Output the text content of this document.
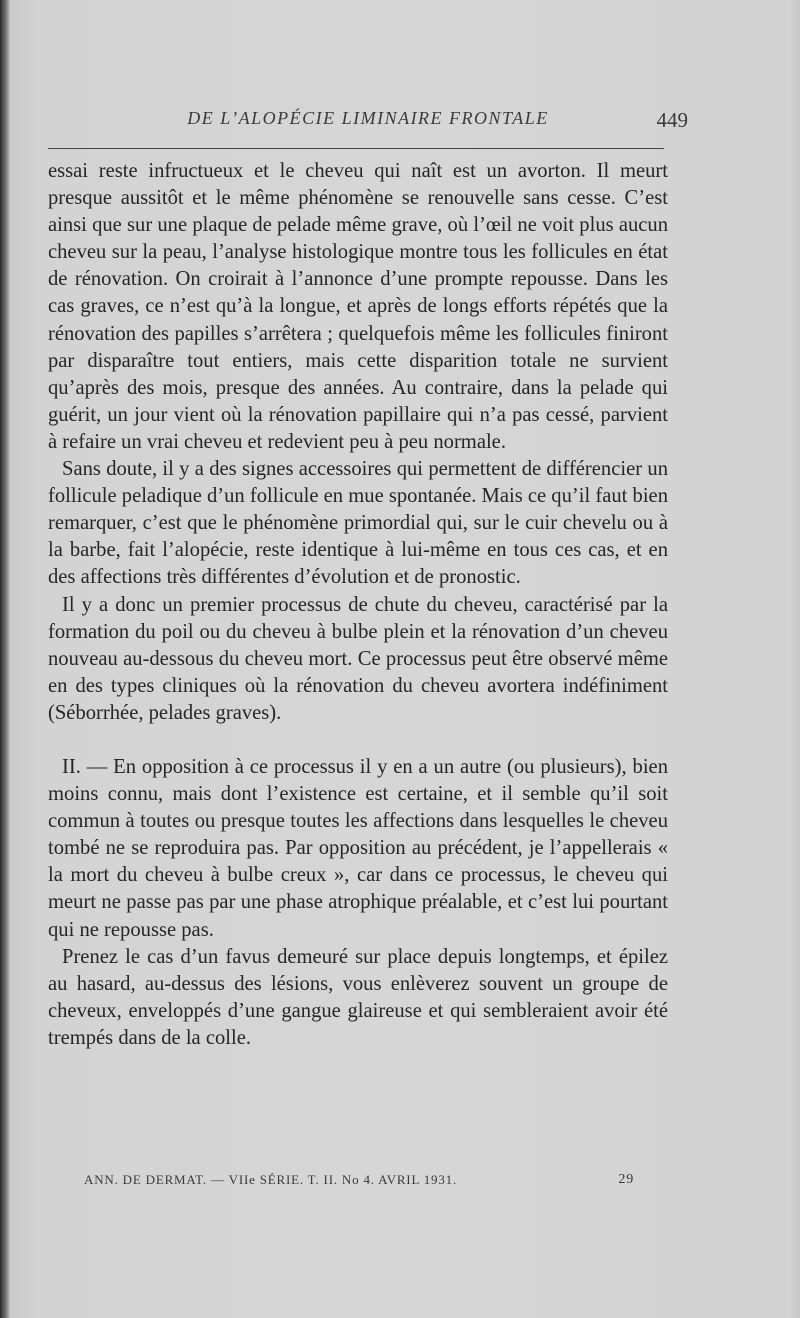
DE L’ALOPÉCIE LIMINAIRE FRONTALE	449

essai reste infructueux et le cheveu qui naît est un avorton. Il meurt presque aussitôt et le même phénomène se renouvelle sans cesse. C’est ainsi que sur une plaque de pelade même grave, où l’œil ne voit plus aucun cheveu sur la peau, l’analyse histologique montre tous les follicules en état de rénovation. On croirait à l’annonce d’une prompte repousse. Dans les cas graves, ce n’est qu’à la longue, et après de longs efforts répétés que la rénovation des papilles s’arrêtera ; quelquefois même les follicules finiront par disparaître tout entiers, mais cette disparition totale ne survient qu’après des mois, presque des années. Au contraire, dans la pelade qui guérit, un jour vient où la rénovation papillaire qui n’a pas cessé, parvient à refaire un vrai cheveu et redevient peu à peu normale.

Sans doute, il y a des signes accessoires qui permettent de différencier un follicule peladique d’un follicule en mue spontanée. Mais ce qu’il faut bien remarquer, c’est que le phénomène primordial qui, sur le cuir chevelu ou à la barbe, fait l’alopécie, reste identique à lui-même en tous ces cas, et en des affections très différentes d’évolution et de pronostic.

Il y a donc un premier processus de chute du cheveu, caractérisé par la formation du poil ou du cheveu à bulbe plein et la rénovation d’un cheveu nouveau au-dessous du cheveu mort. Ce processus peut être observé même en des types cliniques où la rénovation du cheveu avortera indéfiniment (Séborrhée, pelades graves).

II. — En opposition à ce processus il y en a un autre (ou plusieurs), bien moins connu, mais dont l’existence est certaine, et il semble qu’il soit commun à toutes ou presque toutes les affections dans lesquelles le cheveu tombé ne se reproduira pas. Par opposition au précédent, je l’appellerais « la mort du cheveu à bulbe creux », car dans ce processus, le cheveu qui meurt ne passe pas par une phase atrophique préalable, et c’est lui pourtant qui ne repousse pas.

Prenez le cas d’un favus demeuré sur place depuis longtemps, et épilez au hasard, au-dessus des lésions, vous enlèverez souvent un groupe de cheveux, enveloppés d’une gangue glaireuse et qui sembleraient avoir été trempés dans de la colle.

ANN. DE DERMAT. — VIIe SÉRIE. T. II. No 4. AVRIL 1931.	29
